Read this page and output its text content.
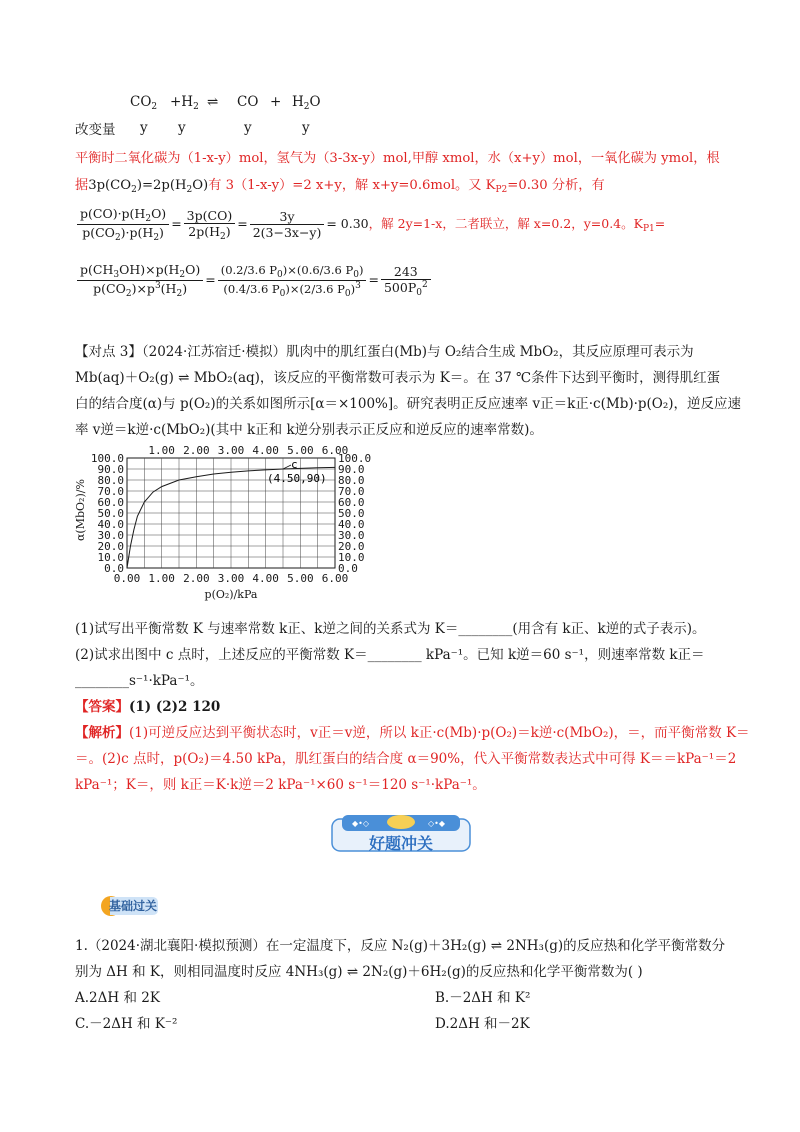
$CO_2 +H_2$ ⇌ CO + $H_2O$
改变量 y y	y	y
平衡时二氧化碳为（1-x-y）mol，氢气为（3-3x-y）mol,甲醇 xmol，水（x+y）mol，一氧化碳为 ymol，根
据$3p(CO_2)=2p(H_2O)$有 3（1-x-y）=2 x+y，解 x+y=0.6mol。又 $K_{P2}=0.30$ 分析，有
$\frac{p(CO)\cdot p(H_2O)}{p(CO_2)\cdot p(H_2)} = \frac{3p(CO)}{2p(H_2)} = \frac{3y}{2(3-3x-y)} = 0.30$，解 2y=1-x，二者联立，解 x=0.2，y=0.4。$K_{P1}=$
$\frac{p(CH_3OH)\times p(H_2O)}{p(CO_2)\times p^3(H_2)} = \frac{(0.2/3.6 P_0)\times(0.6/3.6 P_0)}{(0.4/3.6 P_0)\times(2/3.6 P_0)^3} = \frac{243}{500P_0^2}$
【对点 3】（2024·江苏宿迁·模拟）肌肉中的肌红蛋白(Mb)与 O₂结合生成 MbO₂，其反应原理可表示为
Mb(aq)＋O₂(g) ⇌ MbO₂(aq)，该反应的平衡常数可表示为 K＝。在 37 ℃条件下达到平衡时，测得肌红蛋
白的结合度(α)与 p(O₂)的关系如图所示[α＝×100%]。研究表明正反应速率 v正＝k正·c(Mb)·p(O₂)，逆反应速
率 v逆＝k逆·c(MbO₂)(其中 k正和 k逆分别表示正反应和逆反应的速率常数)。
100.0	100.0
90.0	90.0
80.0	80.0
70.0	70.0
60.0	60.0
50.0	50.0
40.0	40.0
30.0	30.0
20.0	20.0
10.0	10.0
0.0	0.0
0.00 1.00 2.00 3.00 4.00 5.00 6.00
1.00 2.00 3.00 4.00 5.00 6.00
c
(4.50,90)
α(MbO₂)/%
p(O₂)/kPa
(1)试写出平衡常数 K 与速率常数 k正、k逆之间的关系式为 K＝________(用含有 k正、k逆的式子表示)。
(2)试求出图中 c 点时，上述反应的平衡常数 K＝________ kPa⁻¹。已知 k逆＝60 s⁻¹，则速率常数 k正＝
________s⁻¹·kPa⁻¹。
【答案】(1) (2)2 120
【解析】(1)可逆反应达到平衡状态时，v正＝v逆，所以 k正·c(Mb)·p(O₂)＝k逆·c(MbO₂)，＝，而平衡常数 K＝
＝。(2)c 点时，p(O₂)＝4.50 kPa，肌红蛋白的结合度 α＝90%，代入平衡常数表达式中可得 K＝＝kPa⁻¹＝2
kPa⁻¹；K＝，则 k正＝K·k逆＝2 kPa⁻¹×60 s⁻¹＝120 s⁻¹·kPa⁻¹。
◆•◇	◇•◆
好题冲关
基础过关
1.（2024·湖北襄阳·模拟预测）在一定温度下，反应 N₂(g)＋3H₂(g) ⇌ 2NH₃(g)的反应热和化学平衡常数分
别为 ΔH 和 K，则相同温度时反应 4NH₃(g) ⇌ 2N₂(g)＋6H₂(g)的反应热和化学平衡常数为( )
A.2ΔH 和 2K	B.－2ΔH 和 K²
C.－2ΔH 和 K⁻²	D.2ΔH 和－2K
